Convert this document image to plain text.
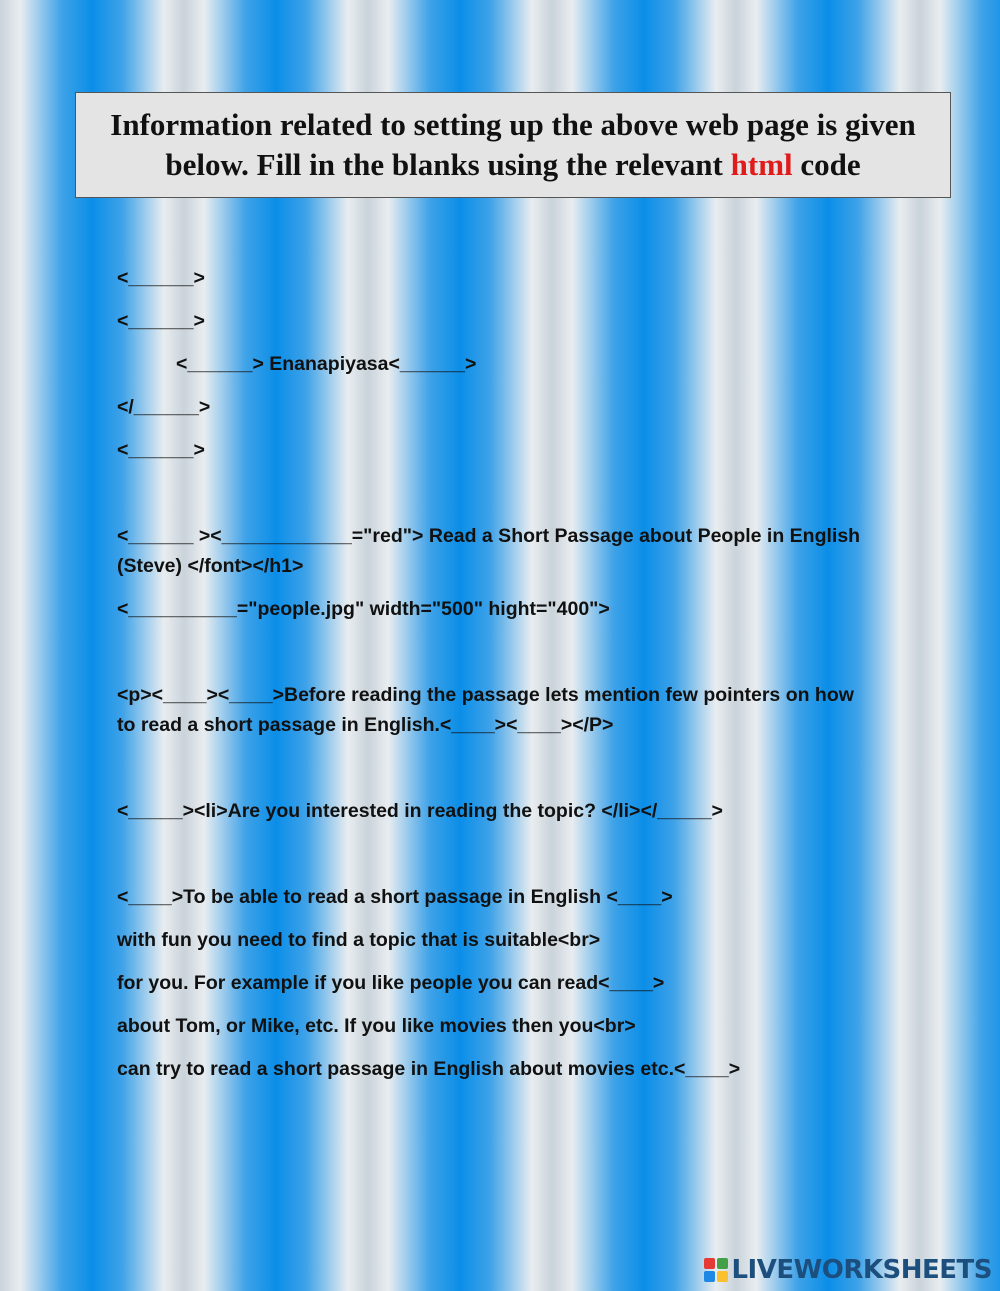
Information related to setting up the above web page is given below. Fill in the blanks using the relevant html code
<______>
<______>
<______> Enanapiyasa<______>
</______>
<______>
<______ ><____________="red"> Read a Short Passage about People in English
(Steve) </font></h1>
<__________="people.jpg" width="500" hight="400">
<p><____><____>Before reading the passage lets mention few pointers on how
to read a short passage in English.<____><____></P>
<_____><li>Are you interested in reading the topic? </li></_____>
<____>To be able to read a short passage in English <____>
with fun you need to find a topic that is suitable<br>
for you. For example if you like people you can read<____>
about Tom, or Mike, etc. If you like movies then you<br>
can try to read a short passage in English about movies etc.<____>
LIVEWORKSHEETS
